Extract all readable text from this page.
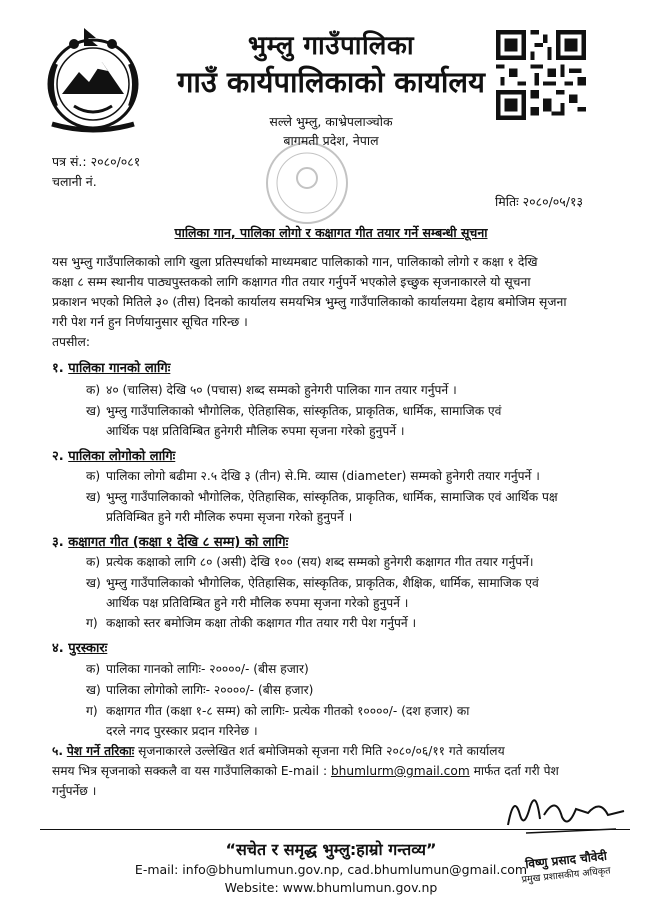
भुम्लु गाउँपालिका
गाउँ कार्यपालिकाको कार्यालय
सल्ले भुम्लु, काभ्रेपलाञ्चोक
बागमती प्रदेश, नेपाल
पत्र सं.: २०८०/०८१
चलानी नं.
मितिः २०८०/०५/१३
पालिका गान, पालिका लोगो र कक्षागत गीत तयार गर्ने सम्बन्धी सूचना
यस भुम्लु गाउँपालिकाको लागि खुला प्रतिस्पर्धाको माध्यमबाट पालिकाको गान, पालिकाको लोगो र कक्षा १ देखि
कक्षा ८ सम्म स्थानीय पाठ्यपुस्तकको लागि कक्षागत गीत तयार गर्नुपर्ने भएकोले इच्छुक सृजनाकारले यो सूचना
प्रकाशन भएको मितिले ३० (तीस) दिनको कार्यालय समयभित्र भुम्लु गाउँपालिकाको कार्यालयमा देहाय बमोजिम सृजना
गरी पेश गर्न हुन निर्णयानुसार सूचित गरिन्छ ।
तपसील:
१. पालिका गानको लागिः
क) ४० (चालिस) देखि ५० (पचास) शब्द सम्मको हुनेगरी पालिका गान तयार गर्नुपर्ने ।
ख) भुम्लु गाउँपालिकाको भौगोलिक, ऐतिहासिक, सांस्कृतिक, प्राकृतिक, धार्मिक, सामाजिक एवं
आर्थिक पक्ष प्रतिविम्बित हुनेगरी मौलिक रुपमा सृजना गरेको हुनुपर्ने ।
२. पालिका लोगोको लागिः
क) पालिका लोगो बढीमा २.५ देखि ३ (तीन) से.मि. व्यास (diameter) सम्मको हुनेगरी तयार गर्नुपर्ने ।
ख) भुम्लु गाउँपालिकाको भौगोलिक, ऐतिहासिक, सांस्कृतिक, प्राकृतिक, धार्मिक, सामाजिक एवं आर्थिक पक्ष
प्रतिविम्बित हुने गरी मौलिक रुपमा सृजना गरेको हुनुपर्ने ।
३. कक्षागत गीत (कक्षा १ देखि ८ सम्म) को लागिः
क) प्रत्येक कक्षाको लागि ८० (असी) देखि १०० (सय) शब्द सम्मको हुनेगरी कक्षागत गीत तयार गर्नुपर्ने।
ख) भुम्लु गाउँपालिकाको भौगोलिक, ऐतिहासिक, सांस्कृतिक, प्राकृतिक, शैक्षिक, धार्मिक, सामाजिक एवं
आर्थिक पक्ष प्रतिविम्बित हुने गरी मौलिक रुपमा सृजना गरेको हुनुपर्ने ।
ग) कक्षाको स्तर बमोजिम कक्षा तोकी कक्षागत गीत तयार गरी पेश गर्नुपर्ने ।
४. पुरस्कारः
क) पालिका गानको लागिः- २००००/- (बीस हजार)
ख) पालिका लोगोको लागिः- २००००/- (बीस हजार)
ग) कक्षागत गीत (कक्षा १-८ सम्म) को लागिः- प्रत्येक गीतको १००००/- (दश हजार) का
दरले नगद पुरस्कार प्रदान गरिनेछ ।
५. पेश गर्ने तरिकाः सृजनाकारले उल्लेखित शर्त बमोजिमको सृजना गरी मिति २०८०/०६/११ गते कार्यालय
समय भित्र सृजनाको सक्कलै वा यस गाउँपालिकाको E-mail : bhumlurm@gmail.com मार्फत दर्ता गरी पेश
गर्नुपर्नेछ ।
विष्णु प्रसाद चौवेदी
प्रमुख प्रशासकीय अधिकृत
“सचेत र समृद्ध भुम्लु:हाम्रो गन्तव्य”
E-mail: info@bhumlumun.gov.np, cad.bhumlumun@gmail.com
Website: www.bhumlumun.gov.np
